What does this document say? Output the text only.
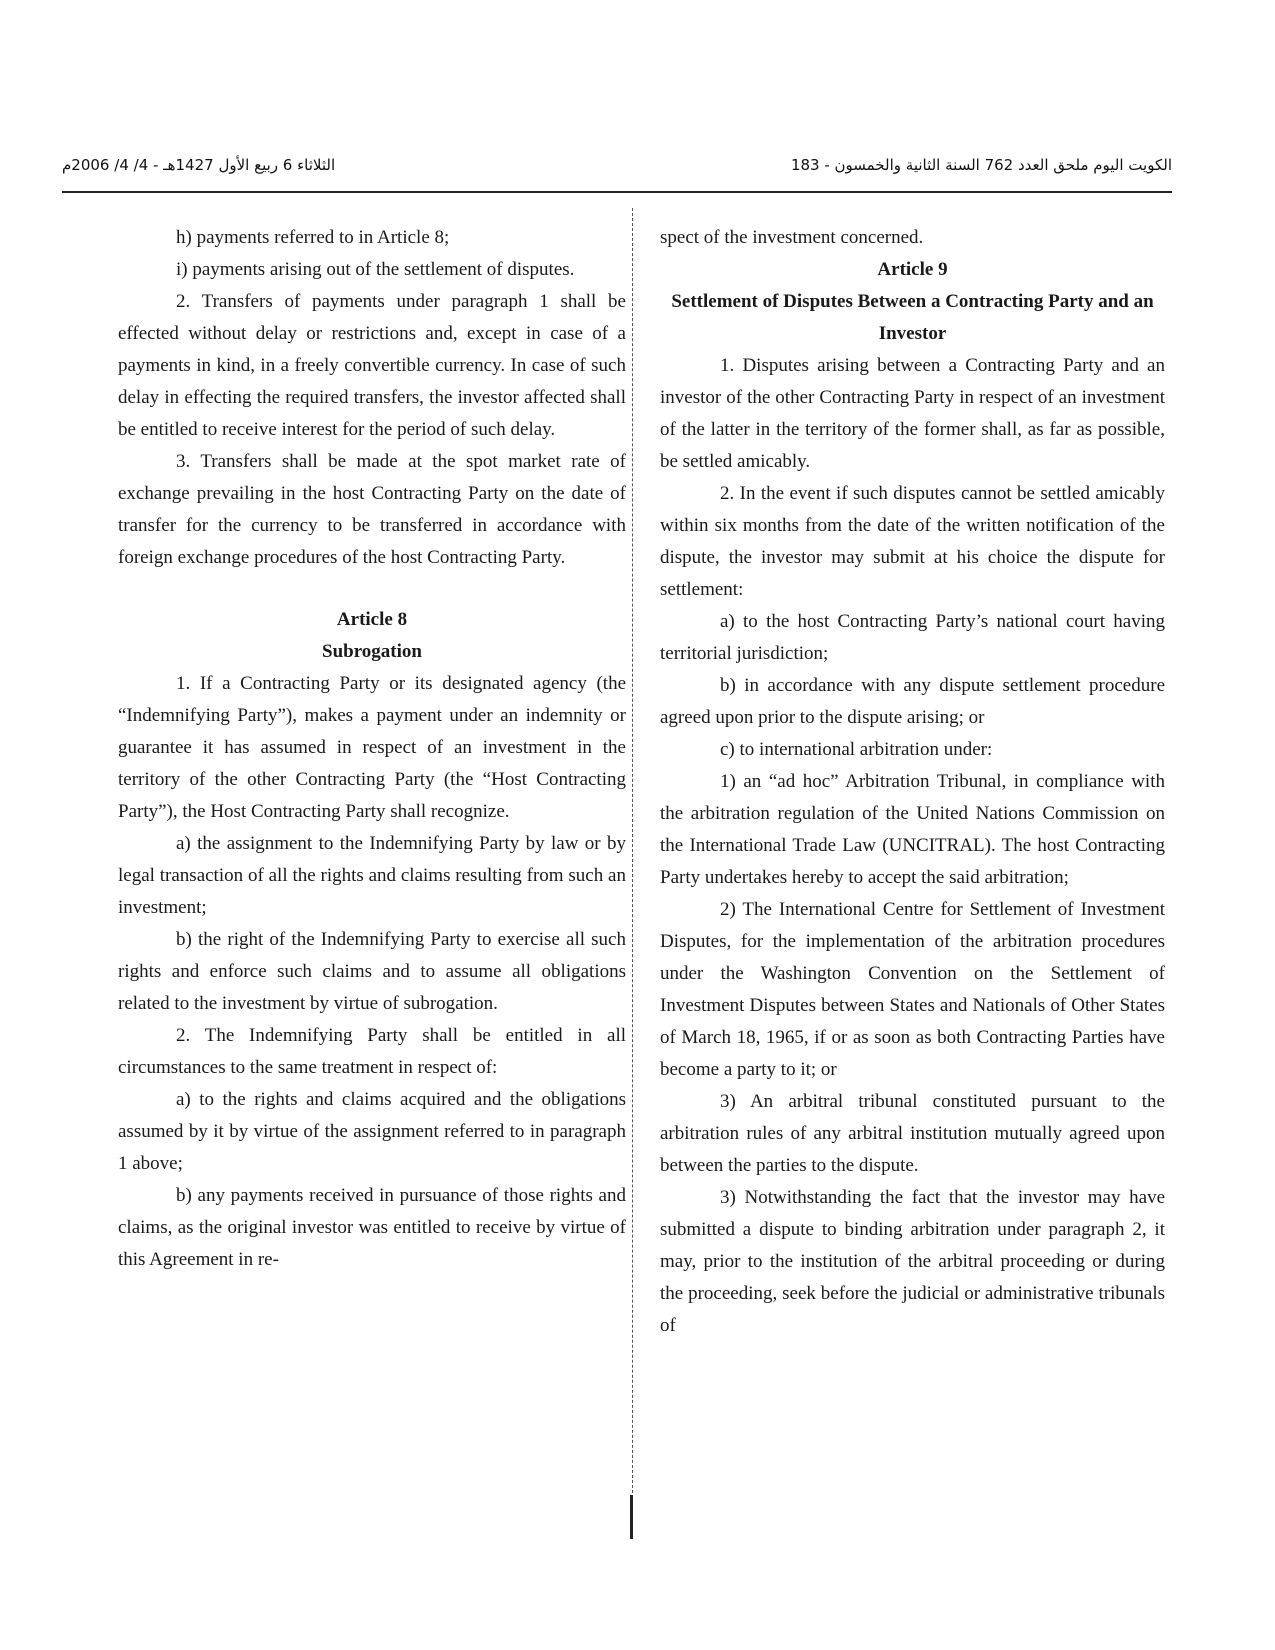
الكويت اليوم ملحق العدد 762 السنة الثانية والخمسون - 183
الثلاثاء 6 ربيع الأول 1427هـ - 4/ 4/ 2006م

h) payments referred to in Article 8;

i) payments arising out of the settlement of disputes.

2. Transfers of payments under paragraph 1 shall be effected without delay or restrictions and, except in case of a payments in kind, in a freely convertible currency. In case of such delay in effecting the required transfers, the investor affected shall be entitled to receive interest for the period of such delay.

3. Transfers shall be made at the spot market rate of exchange prevailing in the host Contracting Party on the date of transfer for the currency to be transferred in accordance with foreign exchange procedures of the host Contracting Party.

Article 8

Subrogation

1. If a Contracting Party or its designated agency (the “Indemnifying Party”), makes a payment under an indemnity or guarantee it has assumed in respect of an investment in the territory of the other Contracting Party (the “Host Contracting Party”), the Host Contracting Party shall recognize.

a) the assignment to the Indemnifying Party by law or by legal transaction of all the rights and claims resulting from such an investment;

b) the right of the Indemnifying Party to exercise all such rights and enforce such claims and to assume all obligations related to the investment by virtue of subrogation.

2. The Indemnifying Party shall be entitled in all circumstances to the same treatment in respect of:

a) to the rights and claims acquired and the obligations assumed by it by virtue of the assignment referred to in paragraph 1 above;

b) any payments received in pursuance of those rights and claims, as the original investor was entitled to receive by virtue of this Agreement in re-

spect of the investment concerned.

Article 9

Settlement of Disputes Between a Contracting Party and an Investor

1. Disputes arising between a Contracting Party and an investor of the other Contracting Party in respect of an investment of the latter in the territory of the former shall, as far as possible, be settled amicably.

2. In the event if such disputes cannot be settled amicably within six months from the date of the written notification of the dispute, the investor may submit at his choice the dispute for settlement:

a) to the host Contracting Party’s national court having territorial jurisdiction;

b) in accordance with any dispute settlement procedure agreed upon prior to the dispute arising; or

c) to international arbitration under:

1) an “ad hoc” Arbitration Tribunal, in compliance with the arbitration regulation of the United Nations Commission on the International Trade Law (UNCITRAL). The host Contracting Party undertakes hereby to accept the said arbitration;

2) The International Centre for Settlement of Investment Disputes, for the implementation of the arbitration procedures under the Washington Convention on the Settlement of Investment Disputes between States and Nationals of Other States of March 18, 1965, if or as soon as both Contracting Parties have become a party to it; or

3) An arbitral tribunal constituted pursuant to the arbitration rules of any arbitral institution mutually agreed upon between the parties to the dispute.

3) Notwithstanding the fact that the investor may have submitted a dispute to binding arbitration under paragraph 2, it may, prior to the institution of the arbitral proceeding or during the proceeding, seek before the judicial or administrative tribunals of
